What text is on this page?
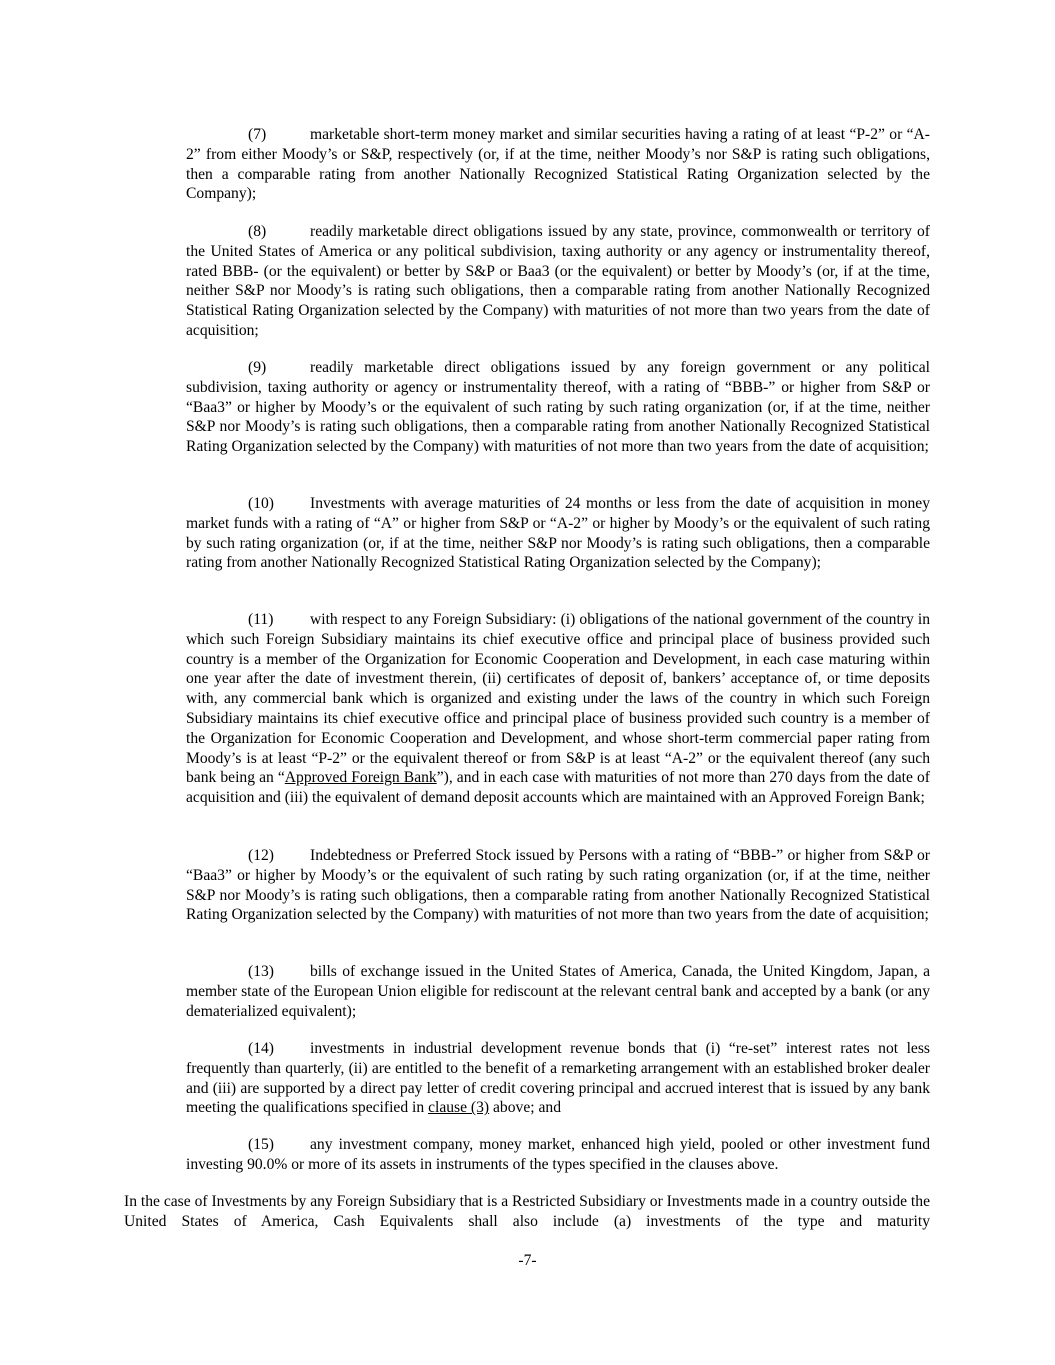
(7)	marketable short-term money market and similar securities having a rating of at least “P-2” or “A-2” from either Moody’s or S&P, respectively (or, if at the time, neither Moody’s nor S&P is rating such obligations, then a comparable rating from another Nationally Recognized Statistical Rating Organization selected by the Company);

(8)	readily marketable direct obligations issued by any state, province, commonwealth or territory of the United States of America or any political subdivision, taxing authority or any agency or instrumentality thereof, rated BBB- (or the equivalent) or better by S&P or Baa3 (or the equivalent) or better by Moody’s (or, if at the time, neither S&P nor Moody’s is rating such obligations, then a comparable rating from another Nationally Recognized Statistical Rating Organization selected by the Company) with maturities of not more than two years from the date of acquisition;

(9)	readily marketable direct obligations issued by any foreign government or any political subdivision, taxing authority or agency or instrumentality thereof, with a rating of “BBB-” or higher from S&P or “Baa3” or higher by Moody’s or the equivalent of such rating by such rating organization (or, if at the time, neither S&P nor Moody’s is rating such obligations, then a comparable rating from another Nationally Recognized Statistical Rating Organization selected by the Company) with maturities of not more than two years from the date of acquisition;

(10) Investments with average maturities of 24 months or less from the date of acquisition in money market funds with a rating of “A” or higher from S&P or “A-2” or higher by Moody’s or the equivalent of such rating by such rating organization (or, if at the time, neither S&P nor Moody’s is rating such obligations, then a comparable rating from another Nationally Recognized Statistical Rating Organization selected by the Company);

(11) with respect to any Foreign Subsidiary: (i) obligations of the national government of the country in which such Foreign Subsidiary maintains its chief executive office and principal place of business provided such country is a member of the Organization for Economic Cooperation and Development, in each case maturing within one year after the date of investment therein, (ii) certificates of deposit of, bankers’ acceptance of, or time deposits with, any commercial bank which is organized and existing under the laws of the country in which such Foreign Subsidiary maintains its chief executive office and principal place of business provided such country is a member of the Organization for Economic Cooperation and Development, and whose short-term commercial paper rating from Moody’s is at least “P-2” or the equivalent thereof or from S&P is at least “A-2” or the equivalent thereof (any such bank being an “Approved Foreign Bank”), and in each case with maturities of not more than 270 days from the date of acquisition and (iii) the equivalent of demand deposit accounts which are maintained with an Approved Foreign Bank;

(12) Indebtedness or Preferred Stock issued by Persons with a rating of “BBB-” or higher from S&P or “Baa3” or higher by Moody’s or the equivalent of such rating by such rating organization (or, if at the time, neither S&P nor Moody’s is rating such obligations, then a comparable rating from another Nationally Recognized Statistical Rating Organization selected by the Company) with maturities of not more than two years from the date of acquisition;

(13) bills of exchange issued in the United States of America, Canada, the United Kingdom, Japan, a member state of the European Union eligible for rediscount at the relevant central bank and accepted by a bank (or any dematerialized equivalent);

(14) investments in industrial development revenue bonds that (i) “re-set” interest rates not less frequently than quarterly, (ii) are entitled to the benefit of a remarketing arrangement with an established broker dealer and (iii) are supported by a direct pay letter of credit covering principal and accrued interest that is issued by any bank meeting the qualifications specified in clause (3) above; and

(15) any investment company, money market, enhanced high yield, pooled or other investment fund investing 90.0% or more of its assets in instruments of the types specified in the clauses above.

In the case of Investments by any Foreign Subsidiary that is a Restricted Subsidiary or Investments made in a country outside the United States of America, Cash Equivalents shall also include (a) investments of the type and maturity

-7-
